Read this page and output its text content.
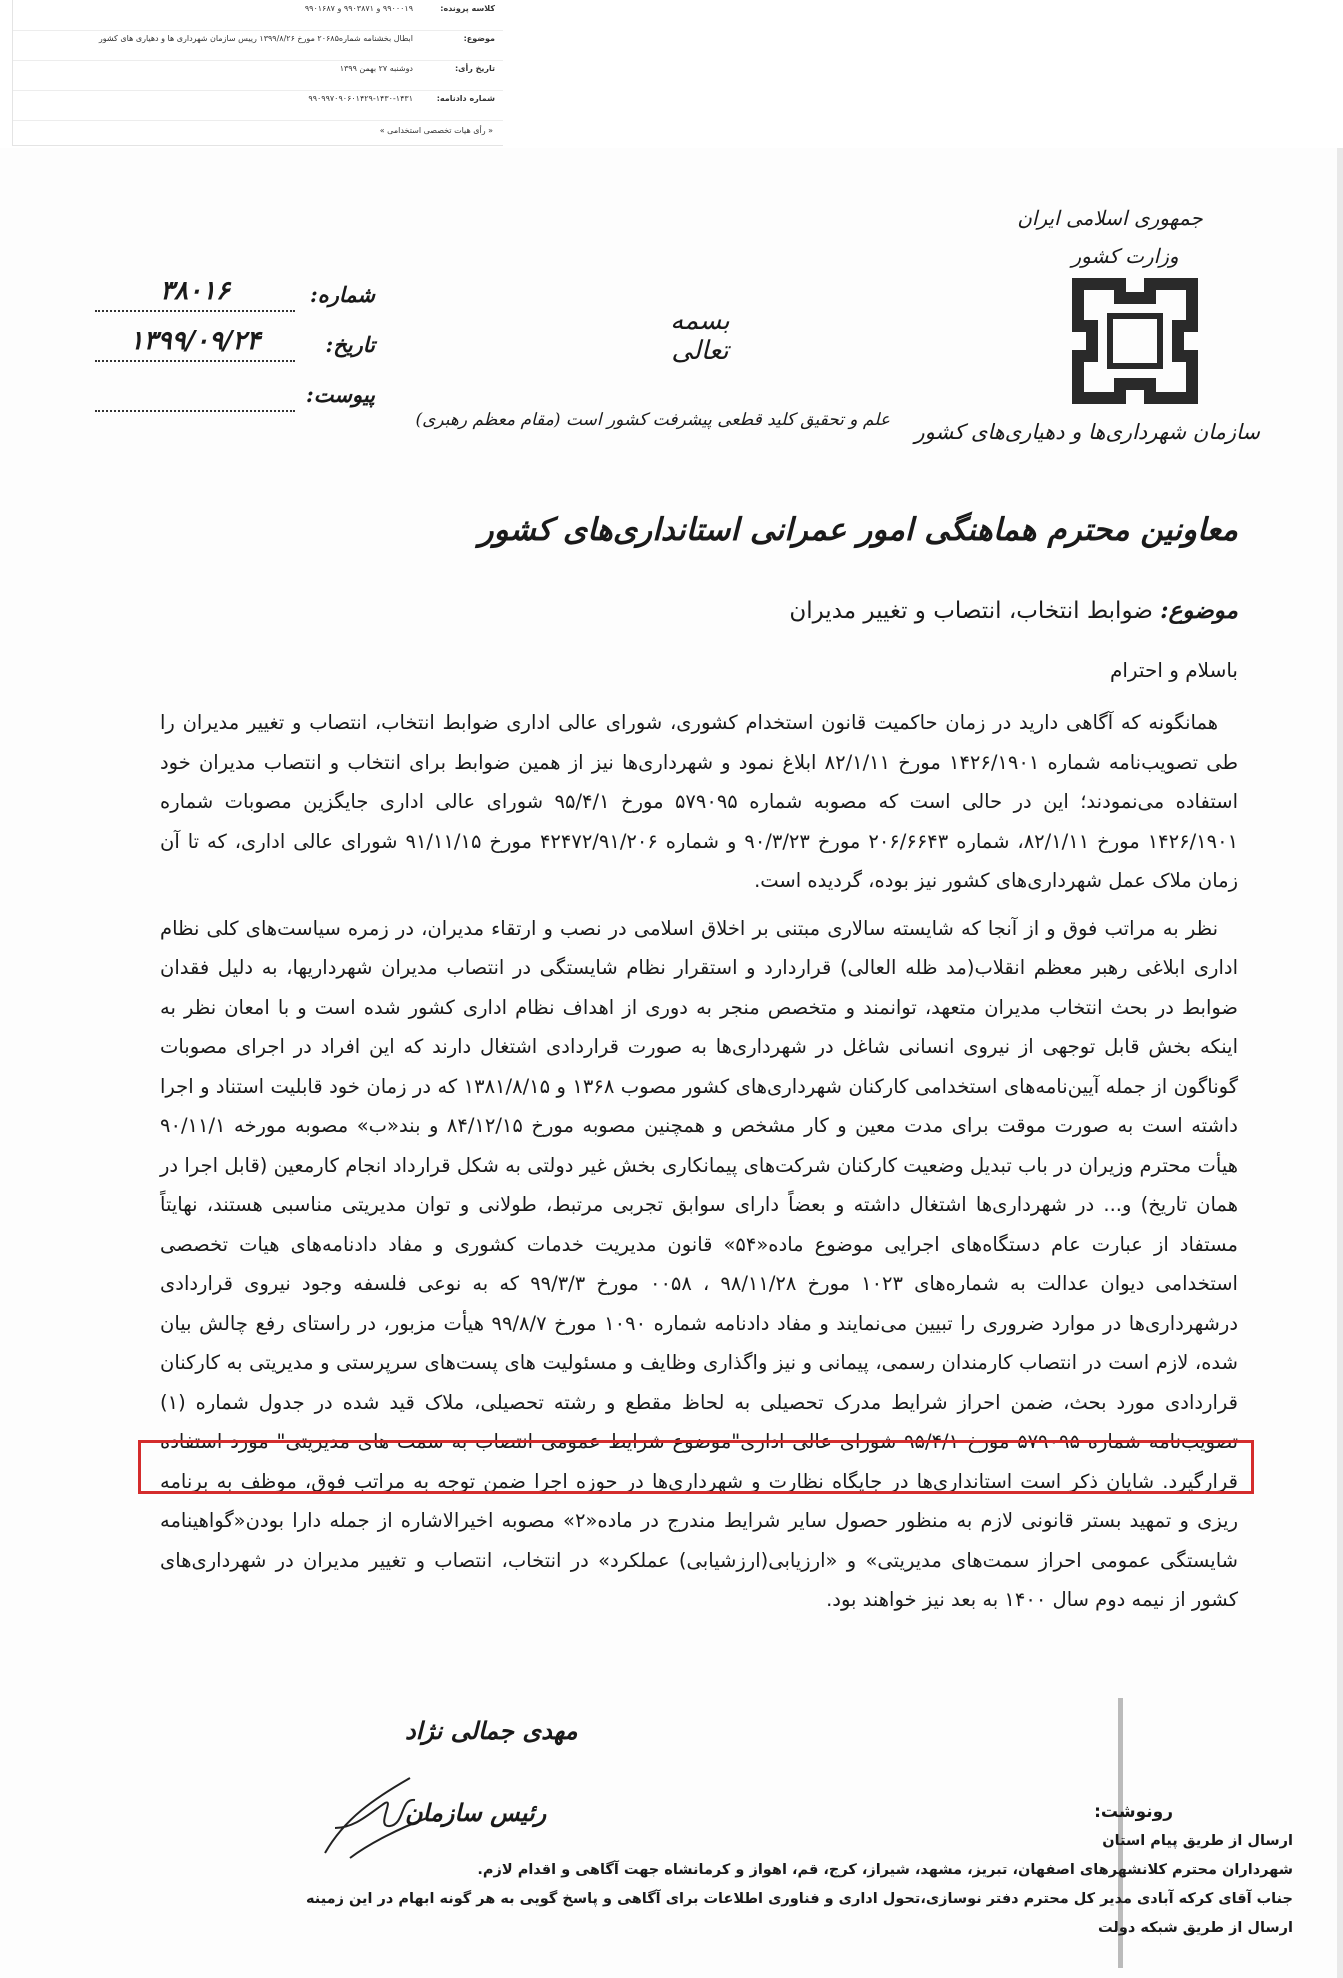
کلاسه پرونده:
۹۹۰۰۰۱۹ و ۹۹۰۳۸۷۱ و ۹۹۰۱۶۸۷
موضوع:
ابطال بخشنامه شماره۲۰۶۸۵ مورخ ۱۳۹۹/۸/۲۶ رییس سازمان شهرداری ها و دهیاری های کشور
تاریخ رأی:
دوشنبه ۲۷ بهمن ۱۳۹۹
شماره دادنامه:
۹۹۰۹۹۷۰۹۰۶۰۱۴۲۹-۱۴۳۰-۱۴۳۱
« رأی هیات تخصصی استخدامی »
جمهوری اسلامی ایران
وزارت کشور
سازمان شهرداری‌ها و دهیاری‌های کشور
بسمه تعالی
علم و تحقیق کلید قطعی پیشرفت کشور است (مقام معظم رهبری)
شماره:
۳۸۰۱۶
تاریخ:
۱۳۹۹/۰۹/۲۴
پیوست:
معاونین محترم هماهنگی امور عمرانی استانداری‌های کشور
موضوع: ضوابط انتخاب، انتصاب و تغییر مدیران
باسلام و احترام

همانگونه که آگاهی دارید در زمان حاکمیت قانون استخدام کشوری، شورای عالی اداری ضوابط انتخاب، انتصاب و تغییر مدیران را طی تصویب‌نامه شماره ۱۴۲۶/۱۹۰۱ مورخ ۸۲/۱/۱۱ ابلاغ نمود و شهرداری‌ها نیز از همین ضوابط برای انتخاب و انتصاب مدیران خود استفاده می‌نمودند؛ این در حالی است که مصوبه شماره ۵۷۹۰۹۵ مورخ ۹۵/۴/۱ شورای عالی اداری جایگزین مصوبات شماره ۱۴۲۶/۱۹۰۱ مورخ ۸۲/۱/۱۱، شماره ۲۰۶/۶۶۴۳ مورخ ۹۰/۳/۲۳ و شماره ۴۲۴۷۲/۹۱/۲۰۶ مورخ ۹۱/۱۱/۱۵ شورای عالی اداری، که تا آن زمان ملاک عمل شهرداری‌های کشور نیز بوده، گردیده است.

نظر به مراتب فوق و از آنجا که شایسته سالاری مبتنی بر اخلاق اسلامی در نصب و ارتقاء مدیران، در زمره سیاست‌های کلی نظام اداری ابلاغی رهبر معظم انقلاب(مد ظله العالی) قراردارد و استقرار نظام شایستگی در انتصاب مدیران شهرداریها، به دلیل فقدان ضوابط در بحث انتخاب مدیران متعهد، توانمند و متخصص منجر به دوری از اهداف نظام اداری کشور شده است و با امعان نظر به اینکه بخش قابل توجهی از نیروی انسانی شاغل در شهرداری‌ها به صورت قراردادی اشتغال دارند که این افراد در اجرای مصوبات گوناگون از جمله آیین‌نامه‌های استخدامی کارکنان شهرداری‌های کشور مصوب ۱۳۶۸ و ۱۳۸۱/۸/۱۵ که در زمان خود قابلیت استناد و اجرا داشته است به صورت موقت برای مدت معین و کار مشخص و همچنین مصوبه مورخ ۸۴/۱۲/۱۵ و بند«ب» مصوبه مورخه ۹۰/۱۱/۱ هیأت محترم وزیران در باب تبدیل وضعیت کارکنان شرکت‌های پیمانکاری بخش غیر دولتی به شکل قرارداد انجام کارمعین (قابل اجرا در همان تاریخ) و... در شهرداری‌ها اشتغال داشته و بعضاً دارای سوابق تجربی مرتبط، طولانی و توان مدیریتی مناسبی هستند، نهایتاً مستفاد از عبارت عام دستگاه‌های اجرایی موضوع ماده«۵۴» قانون مدیریت خدمات کشوری و مفاد دادنامه‌های هیات تخصصی استخدامی دیوان عدالت به شماره‌های ۱۰۲۳ مورخ ۹۸/۱۱/۲۸ ، ۰۰۵۸ مورخ ۹۹/۳/۳ که به نوعی فلسفه وجود نیروی قراردادی درشهرداری‌ها در موارد ضروری را تبیین می‌نمایند و مفاد دادنامه شماره ۱۰۹۰ مورخ ۹۹/۸/۷ هیأت مزبور، در راستای رفع چالش بیان شده، لازم است در انتصاب کارمندان رسمی، پیمانی و نیز واگذاری وظایف و مسئولیت های پست‌های سرپرستی و مدیریتی به کارکنان قراردادی مورد بحث، ضمن احراز شرایط مدرک تحصیلی به لحاظ مقطع و رشته تحصیلی، ملاک قید شده در جدول شماره (۱) تصویب‌نامه شماره ۵۷۹۰۹۵ مورخ ۹۵/۴/۱ شورای عالی اداری"موضوع شرایط عمومی انتصاب به سمت های مدیریتی" مورد استفاده قرارگیرد. شایان ذکر است استانداری‌ها در جایگاه نظارت و شهرداری‌ها در حوزه اجرا ضمن توجه به مراتب فوق، موظف به برنامه ریزی و تمهید بستر قانونی لازم به منظور حصول سایر شرایط مندرج در ماده«۲» مصوبه اخیرالاشاره از جمله دارا بودن«گواهینامه شایستگی عمومی احراز سمت‌های مدیریتی» و «ارزیابی(ارزشیابی) عملکرد» در انتخاب، انتصاب و تغییر مدیران در شهرداری‌های کشور از نیمه دوم سال ۱۴۰۰ به بعد نیز خواهند بود.

مهدی جمالی نژاد
رئیس سازمان	رونوشت:
ارسال از طریق پیام استان
شهرداران محترم کلانشهرهای اصفهان، تبریز، مشهد، شیراز، کرج، قم، اهواز و کرمانشاه جهت آگاهی و اقدام لازم.
جناب آقای کرکه آبادی مدیر کل محترم دفتر نوسازی،تحول اداری و فناوری اطلاعات برای آگاهی و پاسخ گویی به هر گونه ابهام در این زمینه
ارسال از طریق شبکه دولت
